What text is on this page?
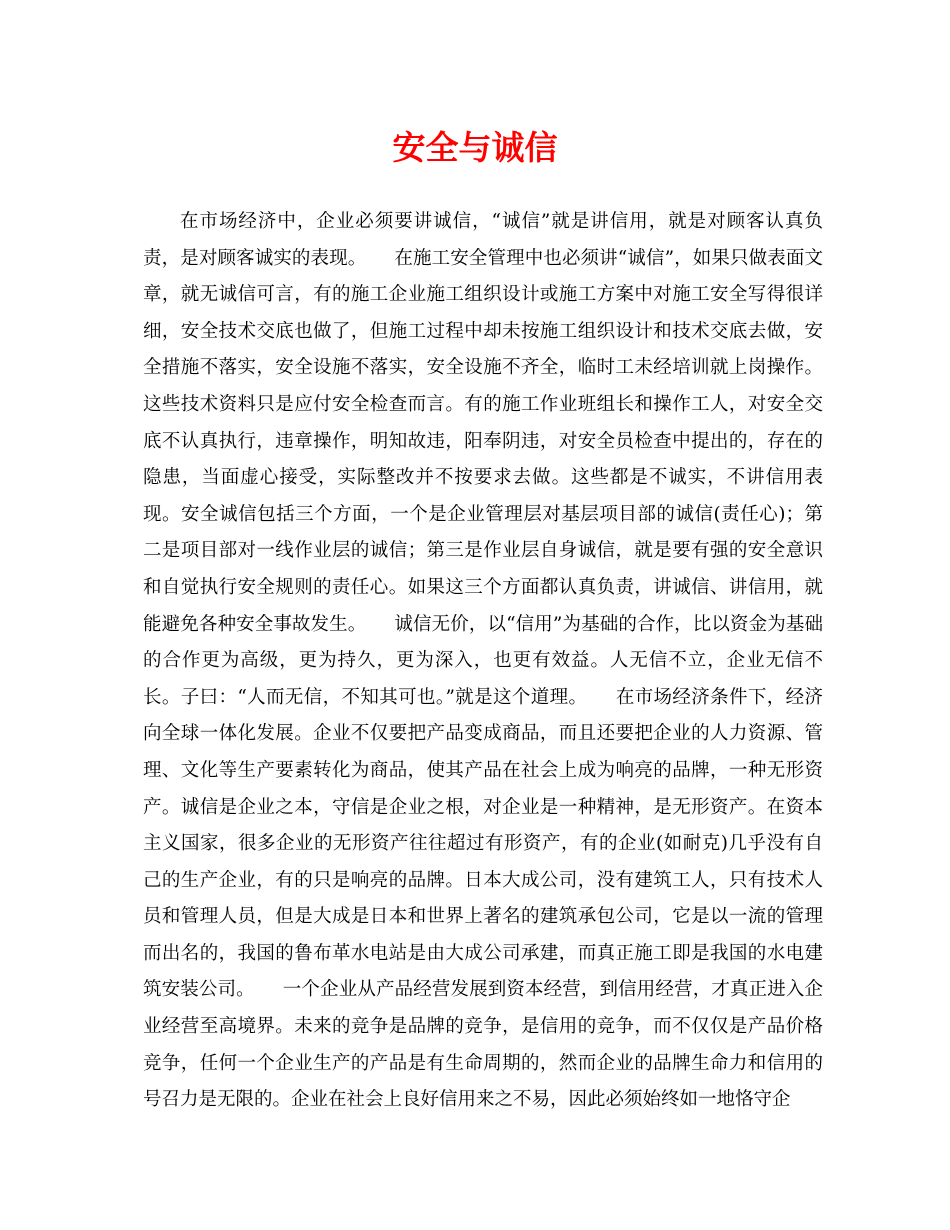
安全与诚信

在市场经济中，企业必须要讲诚信，“诚信”就是讲信用，就是对顾客认真负责，是对顾客诚实的表现。　　在施工安全管理中也必须讲“诚信”，如果只做表面文章，就无诚信可言，有的施工企业施工组织设计或施工方案中对施工安全写得很详细，安全技术交底也做了，但施工过程中却未按施工组织设计和技术交底去做，安全措施不落实，安全设施不落实，安全设施不齐全，临时工未经培训就上岗操作。这些技术资料只是应付安全检查而言。有的施工作业班组长和操作工人，对安全交底不认真执行，违章操作，明知故违，阳奉阴违，对安全员检查中提出的，存在的隐患，当面虚心接受，实际整改并不按要求去做。这些都是不诚实，不讲信用表现。安全诚信包括三个方面，一个是企业管理层对基层项目部的诚信(责任心)；第二是项目部对一线作业层的诚信；第三是作业层自身诚信，就是要有强的安全意识和自觉执行安全规则的责任心。如果这三个方面都认真负责，讲诚信、讲信用，就能避免各种安全事故发生。　　诚信无价，以“信用”为基础的合作，比以资金为基础的合作更为高级，更为持久，更为深入，也更有效益。人无信不立，企业无信不长。子曰：“人而无信，不知其可也。”就是这个道理。　　在市场经济条件下，经济向全球一体化发展。企业不仅要把产品变成商品，而且还要把企业的人力资源、管理、文化等生产要素转化为商品，使其产品在社会上成为响亮的品牌，一种无形资产。诚信是企业之本，守信是企业之根，对企业是一种精神，是无形资产。在资本主义国家，很多企业的无形资产往往超过有形资产，有的企业(如耐克)几乎没有自己的生产企业，有的只是响亮的品牌。日本大成公司，没有建筑工人，只有技术人员和管理人员，但是大成是日本和世界上著名的建筑承包公司，它是以一流的管理而出名的，我国的鲁布革水电站是由大成公司承建，而真正施工即是我国的水电建筑安装公司。　　一个企业从产品经营发展到资本经营，到信用经营，才真正进入企业经营至高境界。未来的竞争是品牌的竞争，是信用的竞争，而不仅仅是产品价格竞争，任何一个企业生产的产品是有生命周期的，然而企业的品牌生命力和信用的号召力是无限的。企业在社会上良好信用来之不易，因此必须始终如一地恪守企
